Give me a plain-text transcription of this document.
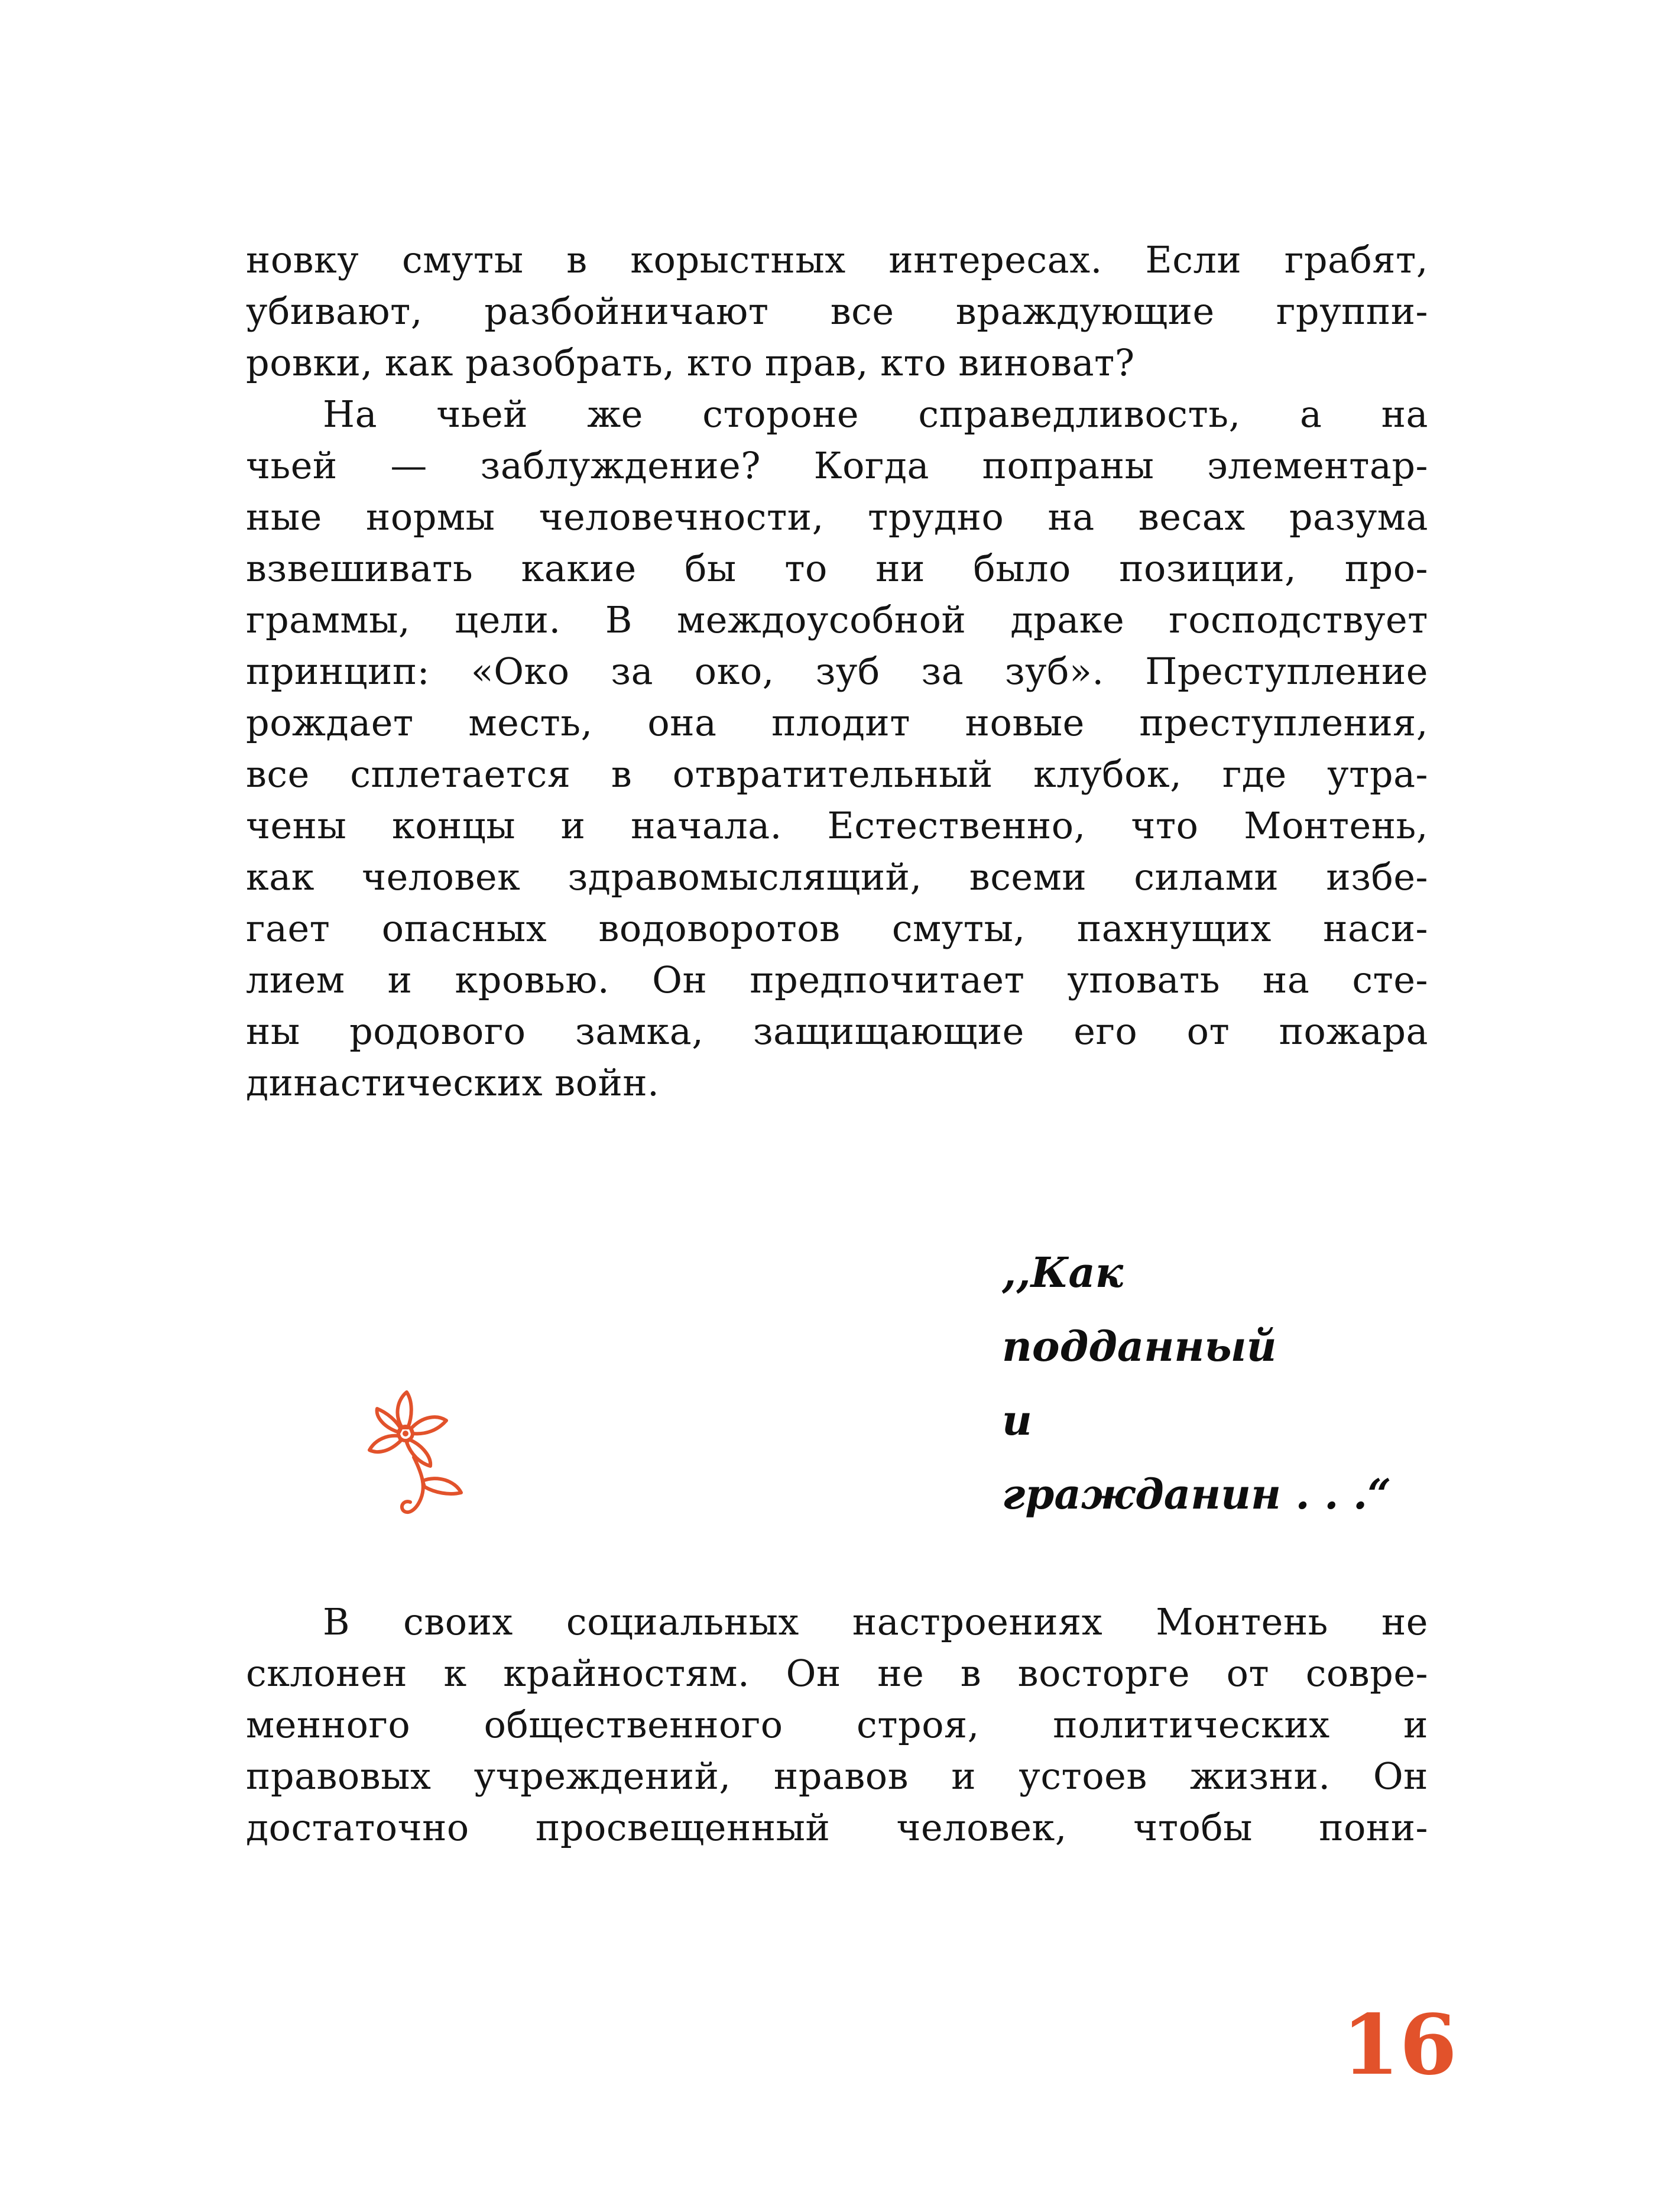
новку смуты в корыстных интересах. Если грабят,
убивают, разбойничают все враждующие группи-
ровки, как разобрать, кто прав, кто виноват?
На чьей же стороне справедливость, а на
чьей — заблуждение? Когда попраны элементар-
ные нормы человечности, трудно на весах разума
взвешивать какие бы то ни было позиции, про-
граммы, цели. В междоусобной драке господствует
принцип: «Око за око, зуб за зуб». Преступление
рождает месть, она плодит новые преступления,
все сплетается в отвратительный клубок, где утра-
чены концы и начала. Естественно, что Монтень,
как человек здравомыслящий, всеми силами избе-
гает опасных водоворотов смуты, пахнущих наси-
лием и кровью. Он предпочитает уповать на сте-
ны родового замка, защищающие его от пожара
династических войн.
,,Как
подданный
и
гражданин . . .“
В своих социальных настроениях Монтень не
склонен к крайностям. Он не в восторге от совре-
менного общественного строя, политических и
правовых учреждений, нравов и устоев жизни. Он
достаточно просвещенный человек, чтобы пони-
16
